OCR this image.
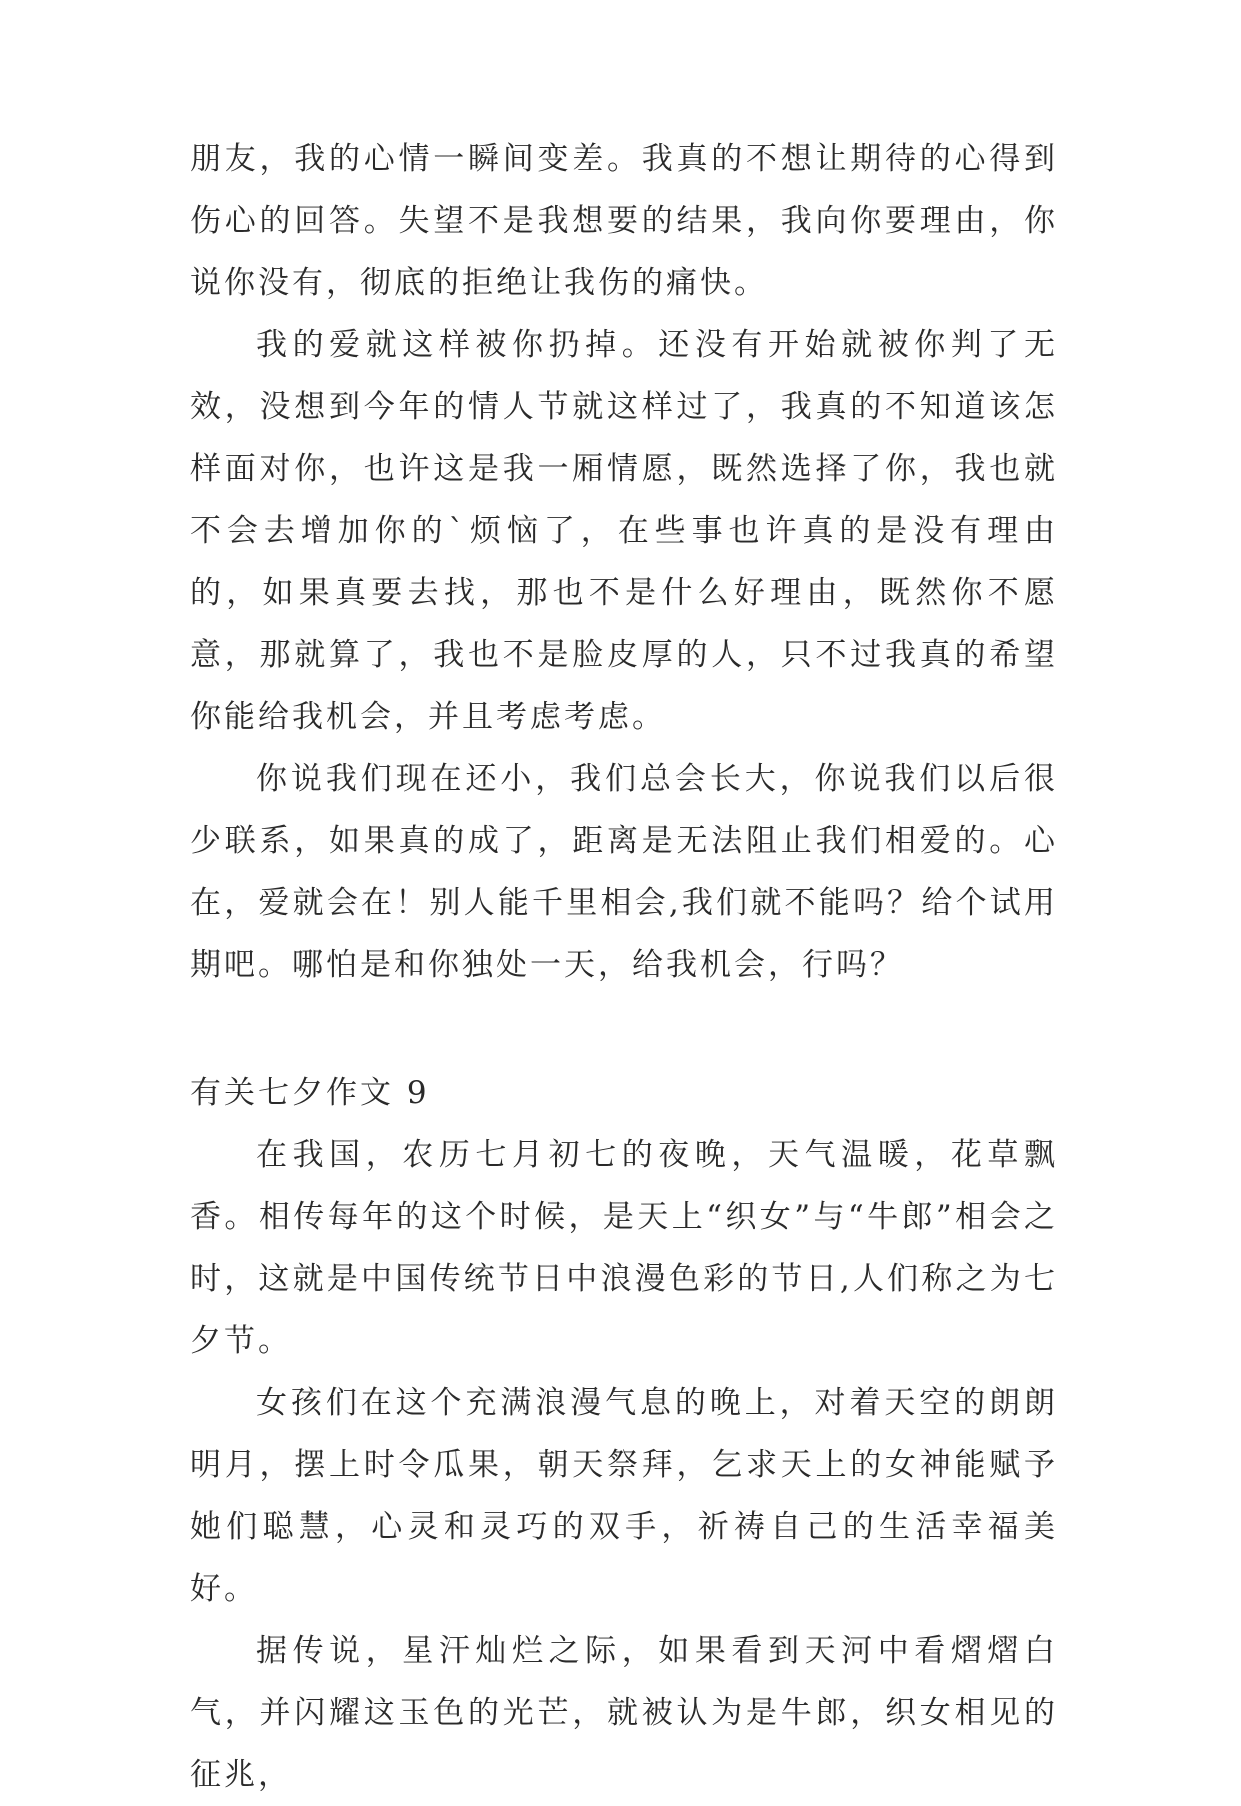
朋友，我的心情一瞬间变差。我真的不想让期待的心得到伤心的回答。失望不是我想要的结果，我向你要理由，你说你没有，彻底的拒绝让我伤的痛快。

我的爱就这样被你扔掉。还没有开始就被你判了无效，没想到今年的情人节就这样过了，我真的不知道该怎样面对你，也许这是我一厢情愿，既然选择了你，我也就不会去增加你的`烦恼了，在些事也许真的是没有理由的，如果真要去找，那也不是什么好理由，既然你不愿意，那就算了，我也不是脸皮厚的人，只不过我真的希望你能给我机会，并且考虑考虑。

你说我们现在还小，我们总会长大，你说我们以后很少联系，如果真的成了，距离是无法阻止我们相爱的。心在，爱就会在！别人能千里相会,我们就不能吗？给个试用期吧。哪怕是和你独处一天，给我机会，行吗？

有关七夕作文 9

在我国，农历七月初七的夜晚，天气温暖，花草飘香。相传每年的这个时候，是天上“织女”与“牛郎”相会之时，这就是中国传统节日中浪漫色彩的节日,人们称之为七夕节。

女孩们在这个充满浪漫气息的晚上，对着天空的朗朗明月，摆上时令瓜果，朝天祭拜，乞求天上的女神能赋予她们聪慧，心灵和灵巧的双手，祈祷自己的生活幸福美好。

据传说，星汗灿烂之际，如果看到天河中看熠熠白气，并闪耀这玉色的光芒，就被认为是牛郎，织女相见的征兆，
